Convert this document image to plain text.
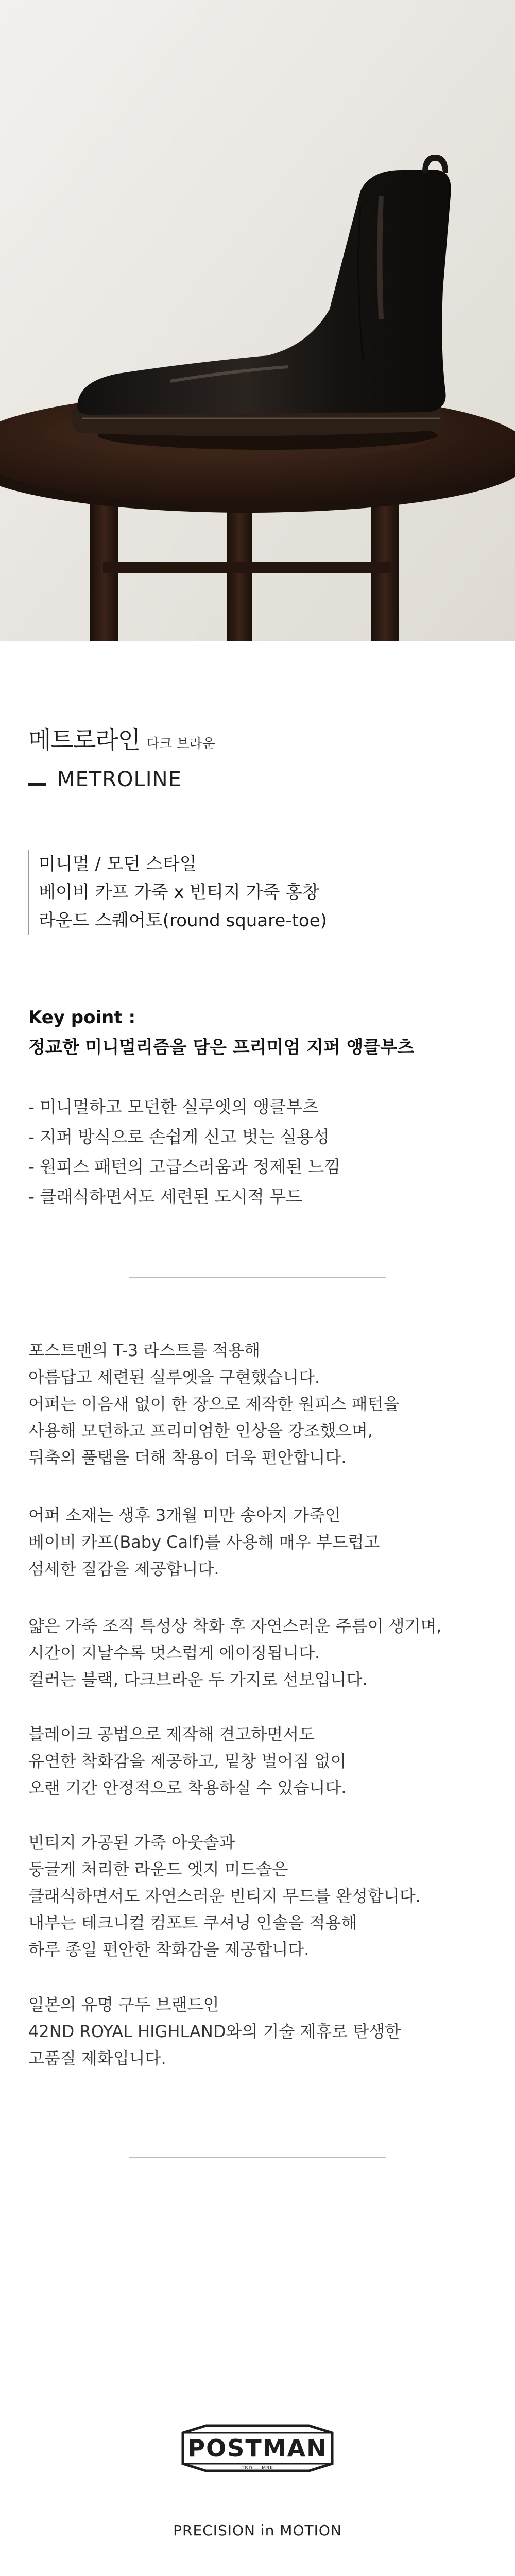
메트로라인 다크 브라운
METROLINE
미니멀 / 모던 스타일
베이비 카프 가죽 x 빈티지 가죽 홍창
라운드 스퀘어토(round square-toe)
Key point :
정교한 미니멀리즘을 담은 프리미엄 지퍼 앵클부츠
- 미니멀하고 모던한 실루엣의 앵클부츠
- 지퍼 방식으로 손쉽게 신고 벗는 실용성
- 원피스 패턴의 고급스러움과 정제된 느낌
- 클래식하면서도 세련된 도시적 무드
포스트맨의 T-3 라스트를 적용해
아름답고 세련된 실루엣을 구현했습니다.
어퍼는 이음새 없이 한 장으로 제작한 원피스 패턴을
사용해 모던하고 프리미엄한 인상을 강조했으며,
뒤축의 풀탭을 더해 착용이 더욱 편안합니다.
어퍼 소재는 생후 3개월 미만 송아지 가죽인
베이비 카프(Baby Calf)를 사용해 매우 부드럽고
섬세한 질감을 제공합니다.
얇은 가죽 조직 특성상 착화 후 자연스러운 주름이 생기며,
시간이 지날수록 멋스럽게 에이징됩니다.
컬러는 블랙, 다크브라운 두 가지로 선보입니다.
블레이크 공법으로 제작해 견고하면서도
유연한 착화감을 제공하고, 밑창 벌어짐 없이
오랜 기간 안정적으로 착용하실 수 있습니다.
빈티지 가공된 가죽 아웃솔과
둥글게 처리한 라운드 엣지 미드솔은
클래식하면서도 자연스러운 빈티지 무드를 완성합니다.
내부는 테크니컬 컴포트 쿠셔닝 인솔을 적용해
하루 종일 편안한 착화감을 제공합니다.
일본의 유명 구두 브랜드인
42ND ROYAL HIGHLAND와의 기술 제휴로 탄생한
고품질 제화입니다.
POSTMAN
TRD — MRK
PRECISION in MOTION
